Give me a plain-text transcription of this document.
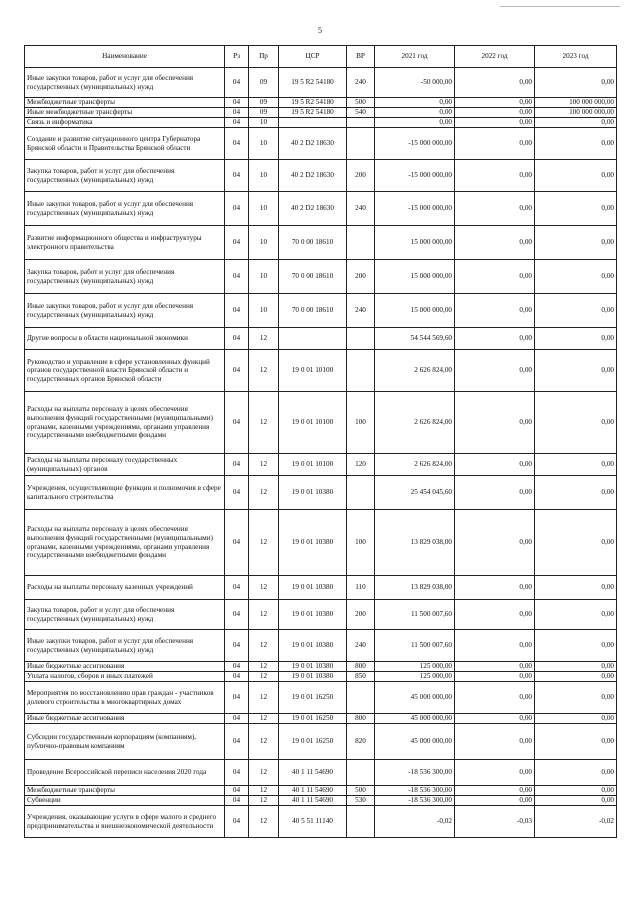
5
Наименование	Рз	Пр	ЦСР	ВР	2021 год	2022 год	2023 год
Иные закупки товаров, работ и услуг для обеспечения государственных (муниципальных) нужд	04	09	19 5 R2 54180	240	-50 000,00	0,00	0,00
Межбюджетные трансферты	04	09	19 5 R2 54180	500	0,00	0,00	100 000 000,00
Иные межбюджетные трансферты	04	09	19 5 R2 54180	540	0,00	0,00	100 000 000,00
Связь и информатика	04	10			0,00	0,00	0,00
Создание и развитие ситуационного центра Губернатора Брянской области и Правительства Брянской области	04	10	40 2 D2 18630		-15 000 000,00	0,00	0,00
Закупка товаров, работ и услуг для обеспечения государственных (муниципальных) нужд	04	10	40 2 D2 18630	200	-15 000 000,00	0,00	0,00
Иные закупки товаров, работ и услуг для обеспечения государственных (муниципальных) нужд	04	10	40 2 D2 18630	240	-15 000 000,00	0,00	0,00
Развитие информационного общества и инфраструктуры электронного правительства	04	10	70 0 00 18610		15 000 000,00	0,00	0,00
Закупка товаров, работ и услуг для обеспечения государственных (муниципальных) нужд	04	10	70 0 00 18610	200	15 000 000,00	0,00	0,00
Иные закупки товаров, работ и услуг для обеспечения государственных (муниципальных) нужд	04	10	70 0 00 18610	240	15 000 000,00	0,00	0,00
Другие вопросы в области национальной экономики	04	12			54 544 569,60	0,00	0,00
Руководство и управление в сфере установленных функций органов государственной власти Брянской области и государственных органов Брянской области	04	12	19 0 01 10100		2 626 824,00	0,00	0,00
Расходы на выплаты персоналу в целях обеспечения выполнения функций государственными (муниципальными) органами, казенными учреждениями, органами управления государственными внебюджетными фондами	04	12	19 0 01 10100	100	2 626 824,00	0,00	0,00
Расходы на выплаты персоналу государственных (муниципальных) органов	04	12	19 0 01 10100	120	2 626 824,00	0,00	0,00
Учреждения, осуществляющие функции и полномочия в сфере капитального строительства	04	12	19 0 01 10380		25 454 045,60	0,00	0,00
Расходы на выплаты персоналу в целях обеспечения выполнения функций государственными (муниципальными) органами, казенными учреждениями, органами управления государственными внебюджетными фондами	04	12	19 0 01 10380	100	13 829 038,00	0,00	0,00
Расходы на выплаты персоналу казенных учреждений	04	12	19 0 01 10380	110	13 829 038,00	0,00	0,00
Закупка товаров, работ и услуг для обеспечения государственных (муниципальных) нужд	04	12	19 0 01 10380	200	11 500 007,60	0,00	0,00
Иные закупки товаров, работ и услуг для обеспечения государственных (муниципальных) нужд	04	12	19 0 01 10380	240	11 500 007,60	0,00	0,00
Иные бюджетные ассигнования	04	12	19 0 01 10380	800	125 000,00	0,00	0,00
Уплата налогов, сборов и иных платежей	04	12	19 0 01 10380	850	125 000,00	0,00	0,00
Мероприятия по восстановлению прав граждан - участников долевого строительства в многоквартирных домах	04	12	19 0 01 16250		45 000 000,00	0,00	0,00
Иные бюджетные ассигнования	04	12	19 0 01 16250	800	45 000 000,00	0,00	0,00
Субсидии государственным корпорациям (компаниям), публично-правовым компаниям	04	12	19 0 01 16250	820	45 000 000,00	0,00	0,00
Проведение Всероссийской переписи населения 2020 года	04	12	40 1 11 54690		-18 536 300,00	0,00	0,00
Межбюджетные трансферты	04	12	40 1 11 54690	500	-18 536 300,00	0,00	0,00
Субвенции	04	12	40 1 11 54690	530	-18 536 300,00	0,00	0,00
Учреждения, оказывающие услуги в сфере малого и среднего предпринимательства и внешнеэкономической деятельности	04	12	40 5 51 11140		-0,02	-0,03	-0,02
